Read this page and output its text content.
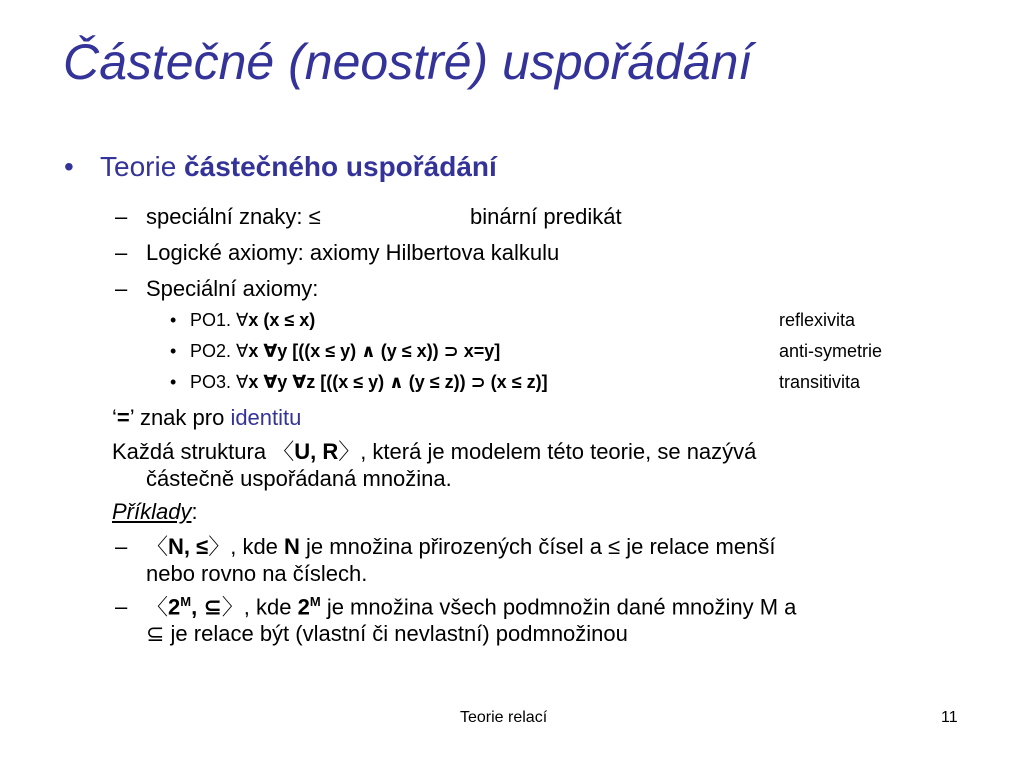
Částečné (neostré) uspořádání
• Teorie částečného uspořádání
– speciální znaky: ≤	binární predikát
– Logické axiomy: axiomy Hilbertova kalkulu
– Speciální axiomy:
• PO1. ∀x (x ≤ x)	reflexivita
• PO2. ∀x ∀y [((x ≤ y) ∧ (y ≤ x)) ⊃ x=y]	anti-symetrie
• PO3. ∀x ∀y ∀z [((x ≤ y) ∧ (y ≤ z)) ⊃ (x ≤ z)]	transitivita
‘=’ znak pro identitu
Každá struktura 〈U, R〉, která je modelem této teorie, se nazývá
částečně uspořádaná množina.
Příklady:
– 〈N, ≤〉, kde N je množina přirozených čísel a ≤ je relace menší
nebo rovno na číslech.
– 〈$2^M$, ⊆〉, kde $2^M$ je množina všech podmnožin dané množiny M a
⊆ je relace být (vlastní či nevlastní) podmnožinou
Teorie relací	11
